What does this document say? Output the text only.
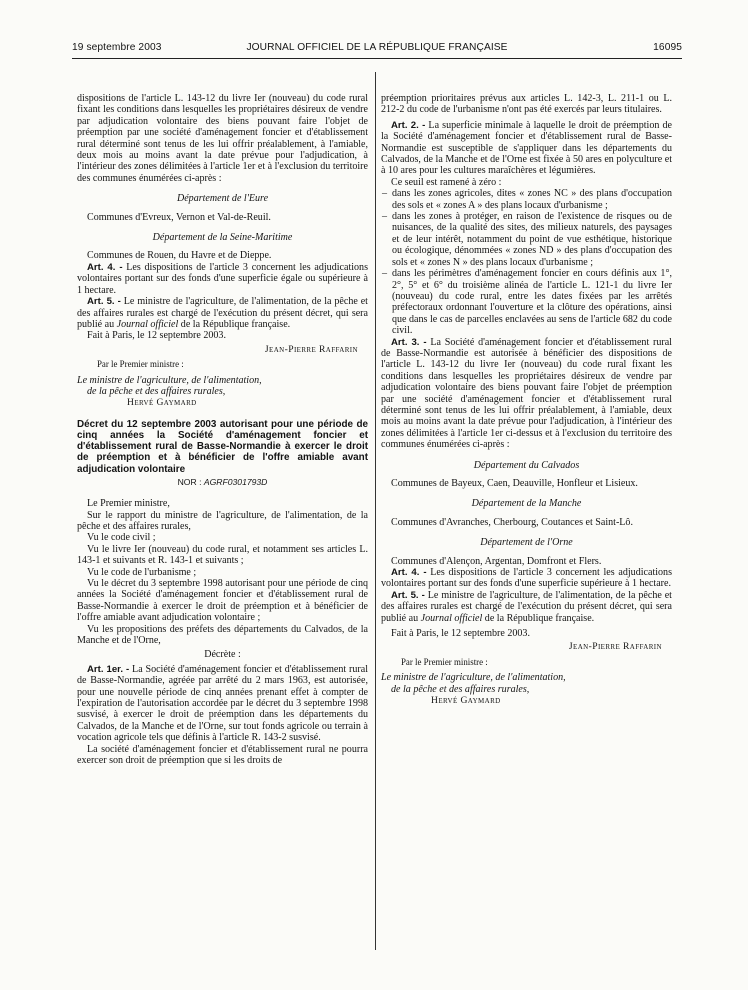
19 septembre 2003	JOURNAL OFFICIEL DE LA RÉPUBLIQUE FRANÇAISE	16095

dispositions de l'article L. 143-12 du livre Ier (nouveau) du code rural fixant les conditions dans lesquelles les propriétaires désireux de vendre par adjudication volontaire des biens pouvant faire l'objet de préemption par une société d'aménagement foncier et d'établissement rural déterminé sont tenus de les lui offrir préalablement, à l'amiable, deux mois au moins avant la date prévue pour l'adjudication, à l'intérieur des zones délimitées à l'article 1er et à l'exclusion du territoire des communes énumérées ci-après :

Département de l'Eure

Communes d'Evreux, Vernon et Val-de-Reuil.

Département de la Seine-Maritime

Communes de Rouen, du Havre et de Dieppe.

Art. 4. - Les dispositions de l'article 3 concernent les adjudications volontaires portant sur des fonds d'une superficie égale ou supérieure à 1 hectare.

Art. 5. - Le ministre de l'agriculture, de l'alimentation, de la pêche et des affaires rurales est chargé de l'exécution du présent décret, qui sera publié au Journal officiel de la République française.

Fait à Paris, le 12 septembre 2003.

Jean-Pierre Raffarin
Par le Premier ministre :
Le ministre de l'agriculture, de l'alimentation,
de la pêche et des affaires rurales,
Hervé Gaymard
Décret du 12 septembre 2003 autorisant pour une période de cinq années la Société d'aménagement foncier et d'établissement rural de Basse-Normandie à exercer le droit de préemption et à bénéficier de l'offre amiable avant adjudication volontaire
NOR : AGRF0301793D

Le Premier ministre,

Sur le rapport du ministre de l'agriculture, de l'alimentation, de la pêche et des affaires rurales,

Vu le code civil ;

Vu le livre Ier (nouveau) du code rural, et notamment ses articles L. 143-1 et suivants et R. 143-1 et suivants ;

Vu le code de l'urbanisme ;

Vu le décret du 3 septembre 1998 autorisant pour une période de cinq années la Société d'aménagement foncier et d'établissement rural de Basse-Normandie à exercer le droit de préemption et à bénéficier de l'offre amiable avant adjudication volontaire ;

Vu les propositions des préfets des départements du Calvados, de la Manche et de l'Orne,

Décrète :

Art. 1er. - La Société d'aménagement foncier et d'établissement rural de Basse-Normandie, agréée par arrêté du 2 mars 1963, est autorisée, pour une nouvelle période de cinq années prenant effet à compter de l'expiration de l'autorisation accordée par le décret du 3 septembre 1998 susvisé, à exercer le droit de préemption dans les départements du Calvados, de la Manche et de l'Orne, sur tout fonds agricole ou terrain à vocation agricole tels que définis à l'article R. 143-2 susvisé.

La société d'aménagement foncier et d'établissement rural ne pourra exercer son droit de préemption que si les droits de

préemption prioritaires prévus aux articles L. 142-3, L. 211-1 ou L. 212-2 du code de l'urbanisme n'ont pas été exercés par leurs titulaires.

Art. 2. - La superficie minimale à laquelle le droit de préemption de la Société d'aménagement foncier et d'établissement rural de Basse-Normandie est susceptible de s'appliquer dans les départements du Calvados, de la Manche et de l'Orne est fixée à 50 ares en polyculture et à 10 ares pour les cultures maraîchères et légumières.

Ce seuil est ramené à zéro :

– dans les zones agricoles, dites « zones NC » des plans d'occupation des sols et « zones A » des plans locaux d'urbanisme ;
– dans les zones à protéger, en raison de l'existence de risques ou de nuisances, de la qualité des sites, des milieux naturels, des paysages et de leur intérêt, notamment du point de vue esthétique, historique ou écologique, dénommées « zones ND » des plans d'occupation des sols et « zones N » des plans locaux d'urbanisme ;
– dans les périmètres d'aménagement foncier en cours définis aux 1°, 2°, 5° et 6° du troisième alinéa de l'article L. 121-1 du livre Ier (nouveau) du code rural, entre les dates fixées par les arrêtés préfectoraux ordonnant l'ouverture et la clôture des opérations, ainsi que dans le cas de parcelles enclavées au sens de l'article 682 du code civil.

Art. 3. - La Société d'aménagement foncier et d'établissement rural de Basse-Normandie est autorisée à bénéficier des dispositions de l'article L. 143-12 du livre Ier (nouveau) du code rural fixant les conditions dans lesquelles les propriétaires désireux de vendre par adjudication volontaire des biens pouvant faire l'objet de préemption par une société d'aménagement foncier et d'établissement rural déterminé sont tenus de les lui offrir préalablement, à l'amiable, deux mois au moins avant la date prévue pour l'adjudication, à l'intérieur des zones délimitées à l'article 1er ci-dessus et à l'exclusion du territoire des communes énumérées ci-après :

Département du Calvados

Communes de Bayeux, Caen, Deauville, Honfleur et Lisieux.

Département de la Manche

Communes d'Avranches, Cherbourg, Coutances et Saint-Lô.

Département de l'Orne

Communes d'Alençon, Argentan, Domfront et Flers.

Art. 4. - Les dispositions de l'article 3 concernent les adjudications volontaires portant sur des fonds d'une superficie supérieure à 1 hectare.

Art. 5. - Le ministre de l'agriculture, de l'alimentation, de la pêche et des affaires rurales est chargé de l'exécution du présent décret, qui sera publié au Journal officiel de la République française.

Fait à Paris, le 12 septembre 2003.

Jean-Pierre Raffarin
Par le Premier ministre :
Le ministre de l'agriculture, de l'alimentation,
de la pêche et des affaires rurales,
Hervé Gaymard
